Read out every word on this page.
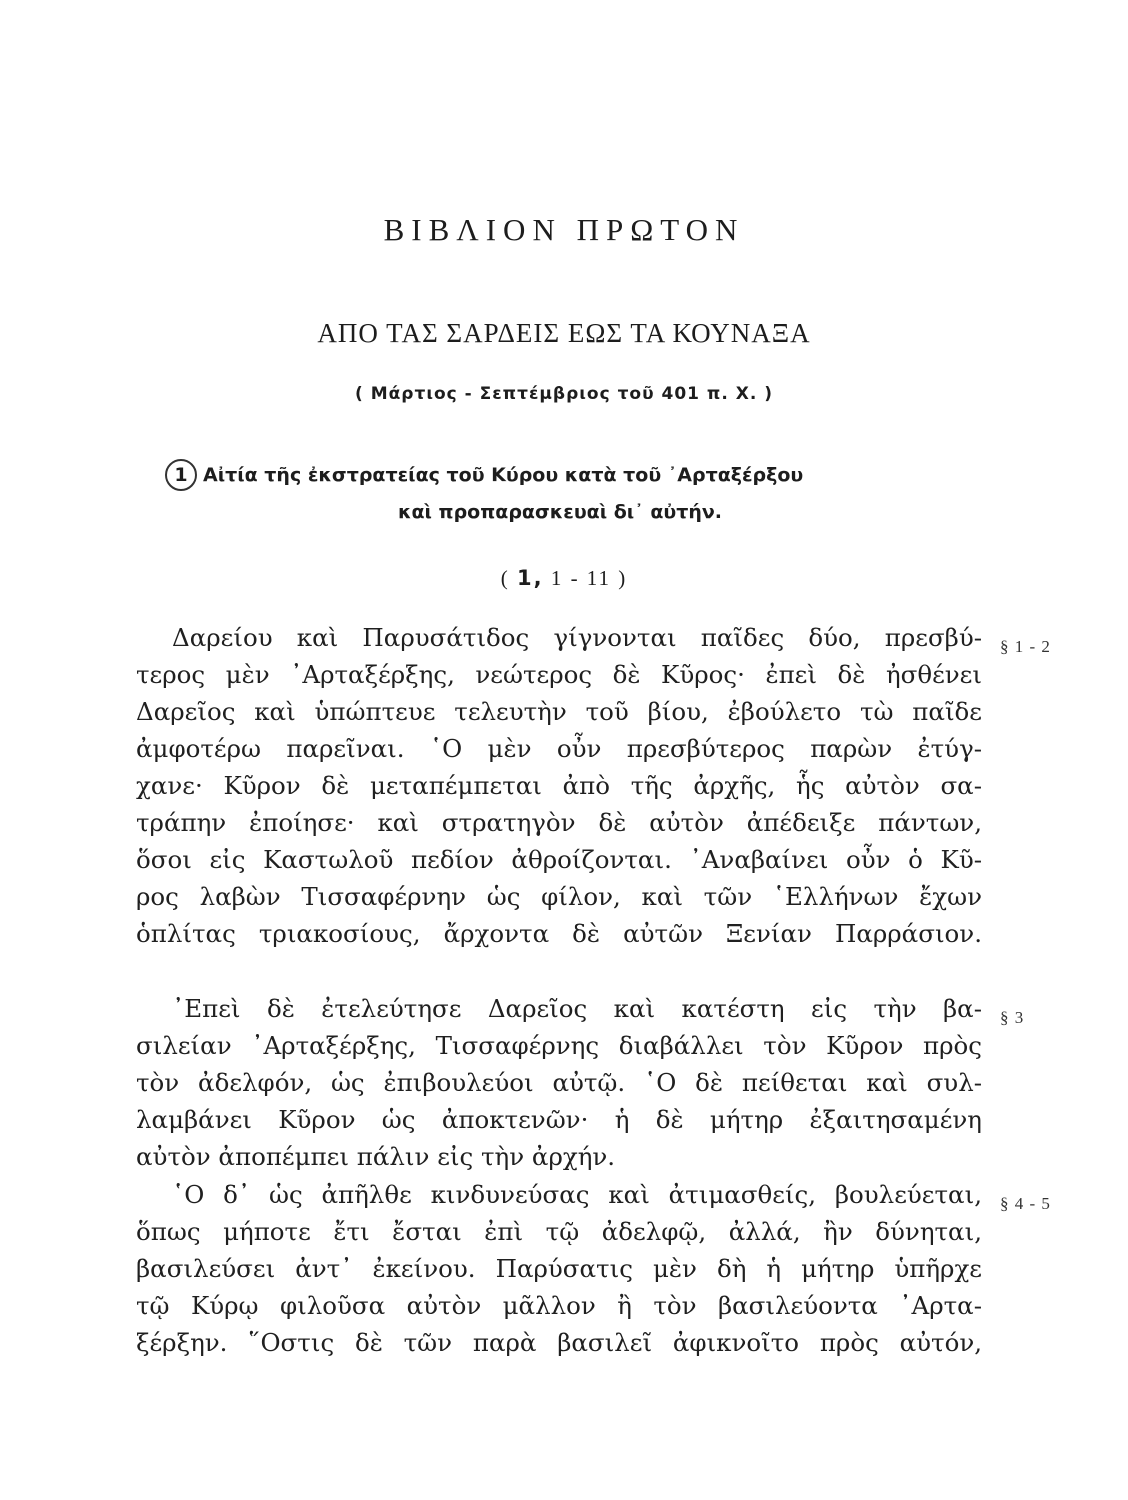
ΒΙΒΛΙΟΝ ΠΡΩΤΟΝ
ΑΠΟ ΤΑΣ ΣΑΡΔΕΙΣ ΕΩΣ ΤΑ ΚΟΥΝΑΞΑ
( Μάρτιος - Σεπτέμβριος τοῦ 401 π. Χ. )
1 Αἰτία τῆς ἐκστρατείας τοῦ Κύρου κατὰ τοῦ ᾿Αρταξέρξου
καὶ προπαρασκευαὶ δι᾿ αὐτήν.
( 1, 1 - 11 )
Δαρείου καὶ Παρυσάτιδος γίγνονται παῖδες δύο, πρεσβύ-
τερος μὲν ᾿Αρταξέρξης, νεώτερος δὲ Κῦρος· ἐπεὶ δὲ ἠσθένει
Δαρεῖος καὶ ὑπώπτευε τελευτὴν τοῦ βίου, ἐβούλετο τὼ παῖδε
ἀμφοτέρω παρεῖναι. ῾Ο μὲν οὖν πρεσβύτερος παρὼν ἐτύγ-
χανε· Κῦρον δὲ μεταπέμπεται ἀπὸ τῆς ἀρχῆς, ἧς αὐτὸν σα-
τράπην ἐποίησε· καὶ στρατηγὸν δὲ αὐτὸν ἀπέδειξε πάντων,
ὅσοι εἰς Καστωλοῦ πεδίον ἀθροίζονται. ᾿Αναβαίνει οὖν ὁ Κῦ-
ρος λαβὼν Τισσαφέρνην ὡς φίλον, καὶ τῶν ῾Ελλήνων ἔχων
ὁπλίτας τριακοσίους, ἄρχοντα δὲ αὐτῶν Ξενίαν Παρράσιον.
§ 1 - 2
᾿Επεὶ δὲ ἐτελεύτησε Δαρεῖος καὶ κατέστη εἰς τὴν βα-
σιλείαν ᾿Αρταξέρξης, Τισσαφέρνης διαβάλλει τὸν Κῦρον πρὸς
τὸν ἀδελφόν, ὡς ἐπιβουλεύοι αὐτῷ. ῾Ο δὲ πείθεται καὶ συλ-
λαμβάνει Κῦρον ὡς ἀποκτενῶν· ἡ δὲ μήτηρ ἐξαιτησαμένη
αὐτὸν ἀποπέμπει πάλιν εἰς τὴν ἀρχήν.
§ 3
῾Ο δ᾿ ὡς ἀπῆλθε κινδυνεύσας καὶ ἀτιμασθείς, βουλεύεται,
ὅπως μήποτε ἔτι ἔσται ἐπὶ τῷ ἀδελφῷ, ἀλλά, ἢν δύνηται,
βασιλεύσει ἀντ᾿ ἐκείνου. Παρύσατις μὲν δὴ ἡ μήτηρ ὑπῆρχε
τῷ Κύρῳ φιλοῦσα αὐτὸν μᾶλλον ἢ τὸν βασιλεύοντα ᾿Αρτα-
ξέρξην. ῞Οστις δὲ τῶν παρὰ βασιλεῖ ἀφικνοῖτο πρὸς αὐτόν,
§ 4 - 5
